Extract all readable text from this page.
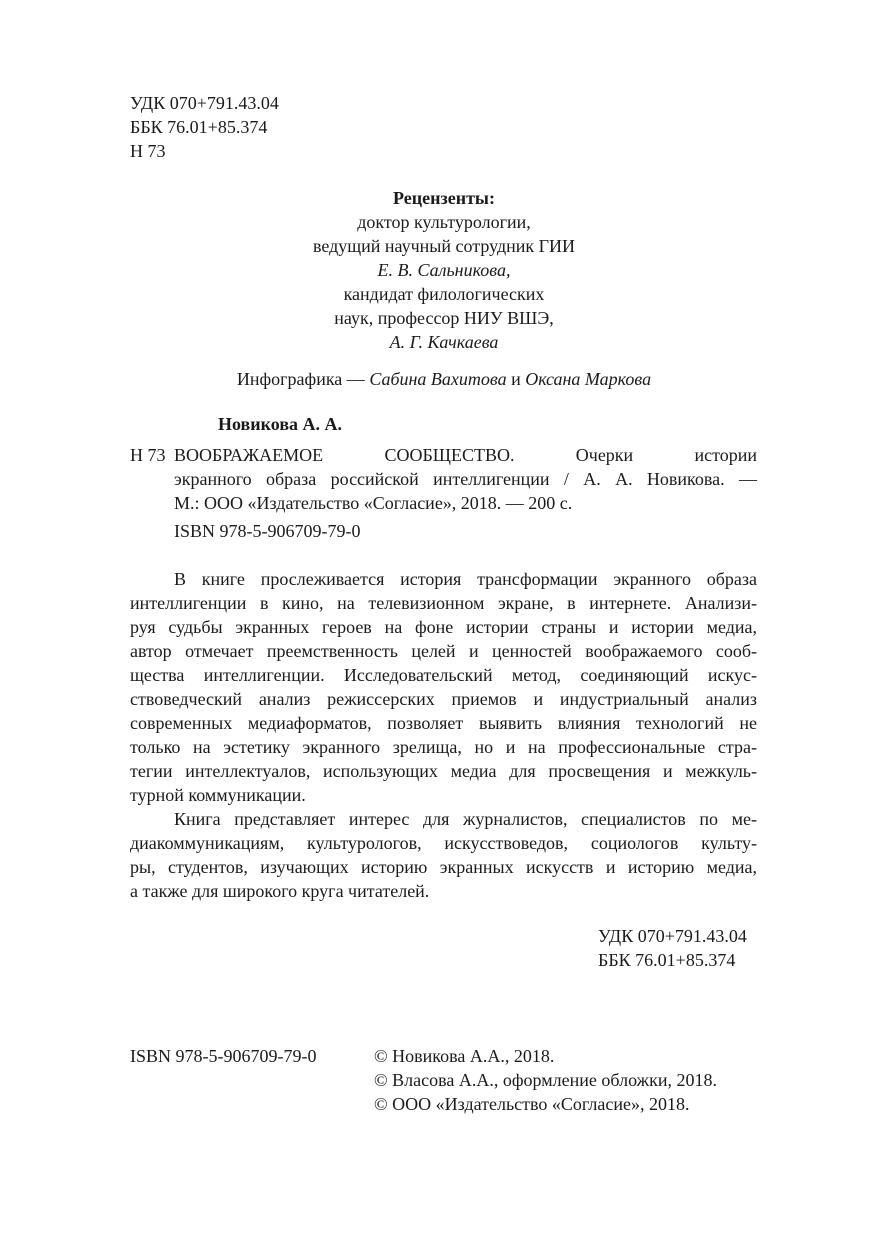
УДК 070+791.43.04
ББК 76.01+85.374
Н 73
Рецензенты:
доктор культурологии,
ведущий научный сотрудник ГИИ
Е. В. Сальникова,
кандидат филологических
наук, профессор НИУ ВШЭ,
А. Г. Качкаева
Инфографика — Сабина Вахитова и Оксана Маркова
Новикова А. А.
Н 73 ВООБРАЖАЕМОЕ СООБЩЕСТВО. Очерки истории
экранного образа российской интеллигенции / А. А. Новикова. —
М.: ООО «Издательство «Согласие», 2018. — 200 с.
ISBN 978-5-906709-79-0
В книге прослеживается история трансформации экранного образа
интеллигенции в кино, на телевизионном экране, в интернете. Анализи-
руя судьбы экранных героев на фоне истории страны и истории медиа,
автор отмечает преемственность целей и ценностей воображаемого сооб-
щества интеллигенции. Исследовательский метод, соединяющий искус-
ствоведческий анализ режиссерских приемов и индустриальный анализ
современных медиаформатов, позволяет выявить влияния технологий не
только на эстетику экранного зрелища, но и на профессиональные стра-
тегии интеллектуалов, использующих медиа для просвещения и межкуль-
турной коммуникации.
Книга представляет интерес для журналистов, специалистов по ме-
диакоммуникациям, культурологов, искусствоведов, социологов культу-
ры, студентов, изучающих историю экранных искусств и историю медиа,
а также для широкого круга читателей.
УДК 070+791.43.04
ББК 76.01+85.374
ISBN 978-5-906709-79-0	© Новикова А.А., 2018.
© Власова А.А., оформление обложки, 2018.
© ООО «Издательство «Согласие», 2018.
